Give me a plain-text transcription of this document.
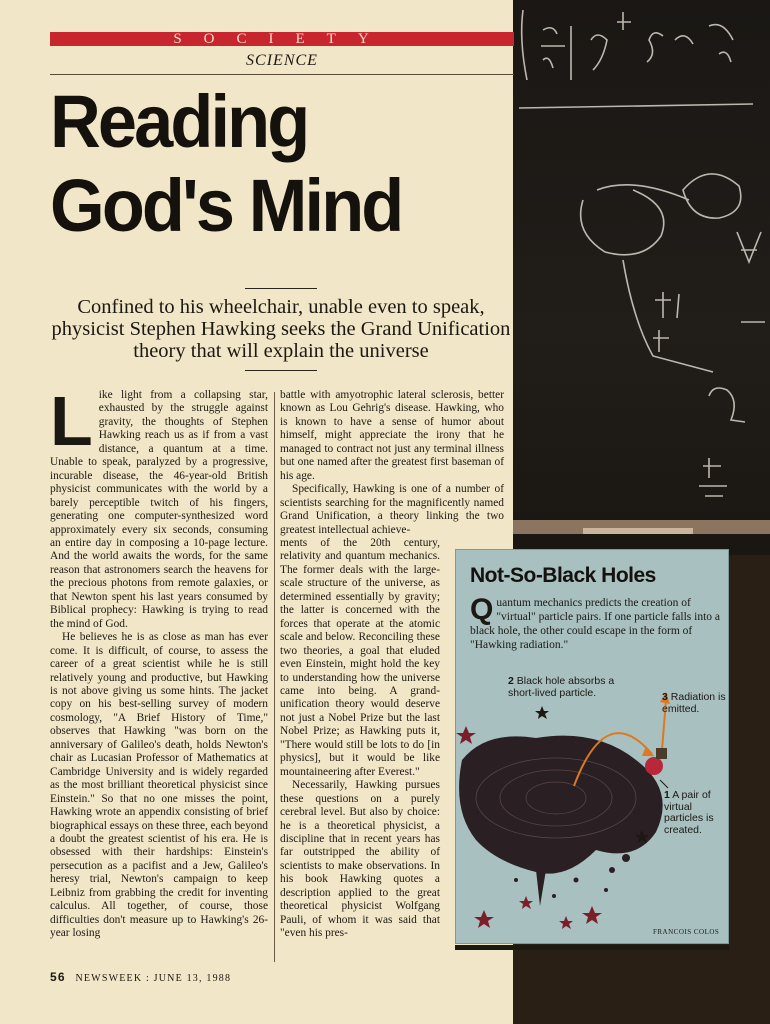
SOCIETY
SCIENCE
Reading
God's Mind
Confined to his wheelchair, unable even to speak, physicist Stephen Hawking seeks the Grand Unification theory that will explain the universe

Like light from a collapsing star, exhausted by the struggle against gravity, the thoughts of Stephen Hawking reach us as if from a vast distance, a quantum at a time. Unable to speak, paralyzed by a progressive, incurable disease, the 46-year-old British physicist communicates with the world by a barely perceptible twitch of his fingers, generating one computer-synthesized word approximately every six seconds, consuming an entire day in composing a 10-page lecture. And the world awaits the words, for the same reason that astronomers search the heavens for the precious photons from remote galaxies, or that Newton spent his last years consumed by Biblical prophecy: Hawking is trying to read the mind of God.

He believes he is as close as man has ever come. It is difficult, of course, to assess the career of a great scientist while he is still relatively young and productive, but Hawking is not above giving us some hints. The jacket copy on his best-selling survey of modern cosmology, "A Brief History of Time," observes that Hawking "was born on the anniversary of Galileo's death, holds Newton's chair as Lucasian Professor of Mathematics at Cambridge University and is widely regarded as the most brilliant theoretical physicist since Einstein." So that no one misses the point, Hawking wrote an appendix consisting of brief biographical essays on these three, each beyond a doubt the greatest scientist of his era. He is obsessed with their hardships: Einstein's persecution as a pacifist and a Jew, Galileo's heresy trial, Newton's campaign to keep Leibniz from grabbing the credit for inventing calculus. All together, of course, those difficulties don't measure up to Hawking's 26-year losing

battle with amyotrophic lateral sclerosis, better known as Lou Gehrig's disease. Hawking, who is known to have a sense of humor about himself, might appreciate the irony that he managed to contract not just any terminal illness but one named after the greatest first baseman of his age.

Specifically, Hawking is one of a number of scientists searching for the magnificently named Grand Unification, a theory linking the two greatest intellectual achieve-

ments of the 20th century, relativity and quantum mechanics. The former deals with the large-scale structure of the universe, as determined essentially by gravity; the latter is concerned with the forces that operate at the atomic scale and below. Reconciling these two theories, a goal that eluded even Einstein, might hold the key to understanding how the universe came into being. A grand-unification theory would deserve not just a Nobel Prize but the last Nobel Prize; as Hawking puts it, "There would still be lots to do [in physics], but it would be like mountaineering after Everest."

Necessarily, Hawking pursues these questions on a purely cerebral level. But also by choice: he is a theoretical physicist, a discipline that in recent years has far outstripped the ability of scientists to make observations. In his book Hawking quotes a description applied to the great theoretical physicist Wolfgang Pauli, of whom it was said that "even his pres-

Not-So-Black Holes
Quantum mechanics predicts the creation of "virtual" particle pairs. If one particle falls into a black hole, the other could escape in the form of "Hawking radiation."
2 Black hole absorbs a short-lived particle.	3 Radiation is emitted.
1 A pair of virtual particles is created.
FRANCOIS COLOS
56 NEWSWEEK : JUNE 13, 1988
